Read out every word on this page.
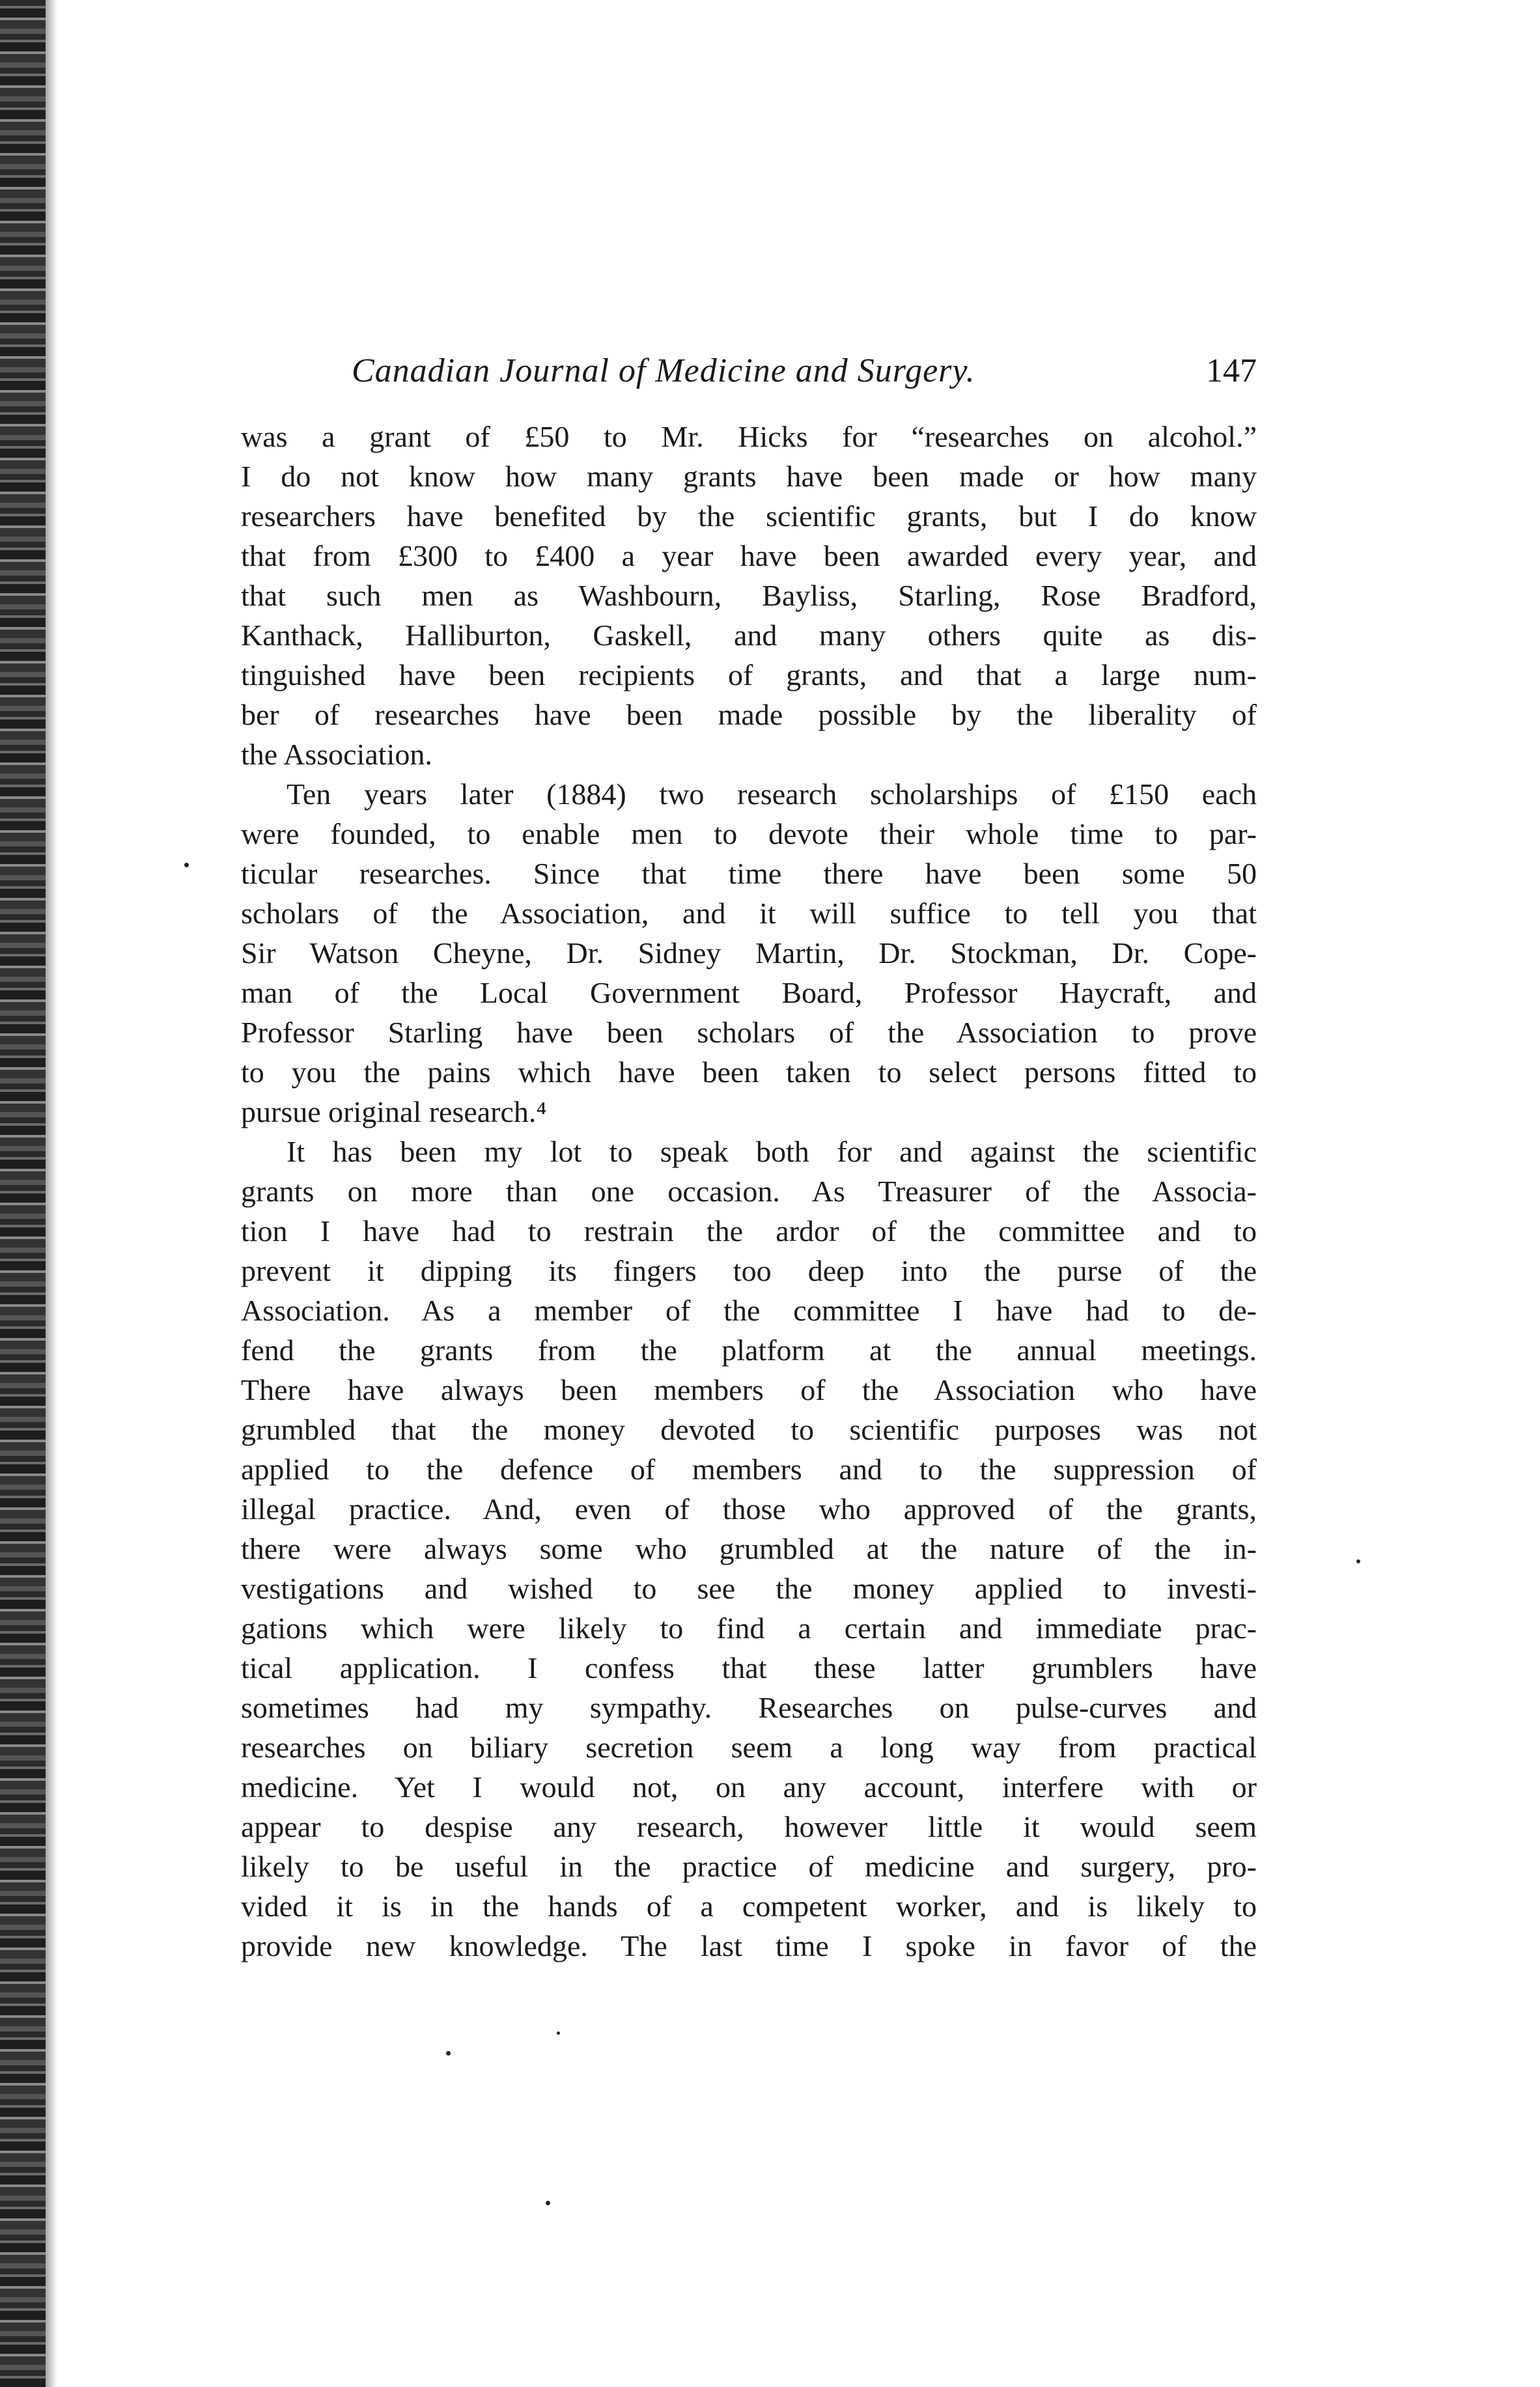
Canadian Journal of Medicine and Surgery.	147
was a grant of £50 to Mr. Hicks for “researches on alcohol.”
I do not know how many grants have been made or how many
researchers have benefited by the scientific grants, but I do know
that from £300 to £400 a year have been awarded every year, and
that such men as Washbourn, Bayliss, Starling, Rose Bradford,
Kanthack, Halliburton, Gaskell, and many others quite as dis-
tinguished have been recipients of grants, and that a large num-
ber of researches have been made possible by the liberality of
the Association.
Ten years later (1884) two research scholarships of £150 each
were founded, to enable men to devote their whole time to par-
ticular researches. Since that time there have been some 50
scholars of the Association, and it will suffice to tell you that
Sir Watson Cheyne, Dr. Sidney Martin, Dr. Stockman, Dr. Cope-
man of the Local Government Board, Professor Haycraft, and
Professor Starling have been scholars of the Association to prove
to you the pains which have been taken to select persons fitted to
pursue original research.⁴
It has been my lot to speak both for and against the scientific
grants on more than one occasion. As Treasurer of the Associa-
tion I have had to restrain the ardor of the committee and to
prevent it dipping its fingers too deep into the purse of the
Association. As a member of the committee I have had to de-
fend the grants from the platform at the annual meetings.
There have always been members of the Association who have
grumbled that the money devoted to scientific purposes was not
applied to the defence of members and to the suppression of
illegal practice. And, even of those who approved of the grants,
there were always some who grumbled at the nature of the in-
vestigations and wished to see the money applied to investi-
gations which were likely to find a certain and immediate prac-
tical application. I confess that these latter grumblers have
sometimes had my sympathy. Researches on pulse-curves and
researches on biliary secretion seem a long way from practical
medicine. Yet I would not, on any account, interfere with or
appear to despise any research, however little it would seem
likely to be useful in the practice of medicine and surgery, pro-
vided it is in the hands of a competent worker, and is likely to
provide new knowledge. The last time I spoke in favor of the
